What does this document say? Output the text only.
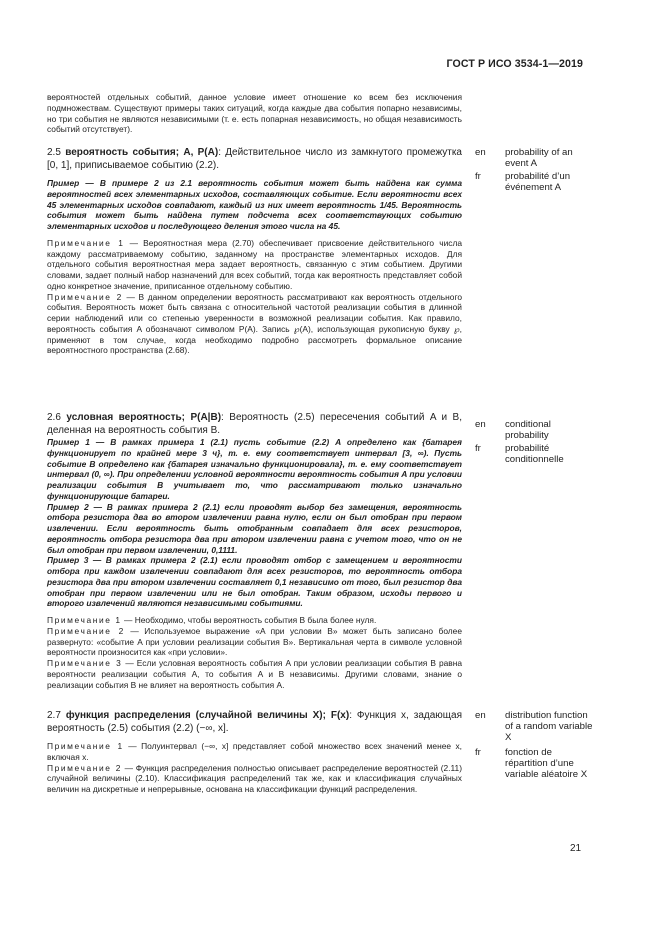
ГОСТ Р ИСО 3534-1—2019

вероятностей отдельных событий, данное условие имеет отношение ко всем без исключения подмножествам. Существуют примеры таких ситуаций, когда каждые два события попарно независимы, но три события не являются независимыми (т. е. есть попарная независимость, но общая независимость событий отсутствует).

2.5 вероятность события; A, P(A): Действительное число из замкнутого промежутка [0, 1], приписываемое событию (2.2).

Пример — В примере 2 из 2.1 вероятность события может быть найдена как сумма вероятностей всех элементарных исходов, составляющих событие. Если вероятности всех 45 элементарных исходов совпадают, каждый из них имеет вероятность 1/45. Вероятность события может быть найдена путем подсчета всех соответствующих событию элементарных исходов и последующего деления этого числа на 45.

Примечание 1 — Вероятностная мера (2.70) обеспечивает присвоение действительного числа каждому рассматриваемому событию, заданному на пространстве элементарных исходов. Для отдельного события вероятностная мера задает вероятность, связанную с этим событием. Другими словами, задает полный набор назначений для всех событий, тогда как вероятность представляет собой одно конкретное значение, приписанное отдельному событию.

Примечание 2 — В данном определении вероятность рассматривают как вероятность отдельного события. Вероятность может быть связана с относительной частотой реализации события в длинной серии наблюдений или со степенью уверенности в возможной реализации события. Как правило, вероятность события A обозначают символом P(A). Запись ℘(A), использующая рукописную букву ℘, применяют в том случае, когда необходимо подробно рассмотреть формальное описание вероятностного пространства (2.68).

en	probability of an event A
fr	probabilité d’un événement A

2.6 условная вероятность; P(A|B): Вероятность (2.5) пересечения событий A и B, деленная на вероятность события B.

Пример 1 — В рамках примера 1 (2.1) пусть событие (2.2) A определено как {батарея функционирует по крайней мере 3 ч}, т. е. ему соответствует интервал [3, ∞). Пусть событие B определено как {батарея изначально функционировала}, т. е. ему соответствует интервал (0, ∞). При определении условной вероятности вероятность события A при условии реализации события B учитывает то, что рассматривают только изначально функционирующие батареи.

Пример 2 — В рамках примера 2 (2.1) если проводят выбор без замещения, вероятность отбора резистора два во втором извлечении равна нулю, если он был отобран при первом извлечении. Если вероятность быть отобранным совпадает для всех резисторов, вероятность отбора резистора два при втором извлечении равна с учетом того, что он не был отобран при первом извлечении, 0,1111.

Пример 3 — В рамках примера 2 (2.1) если проводят отбор с замещением и вероятности отбора при каждом извлечении совпадают для всех резисторов, то вероятность отбора резистора два при втором извлечении составляет 0,1 независимо от того, был резистор два отобран при первом извлечении или не был отобран. Таким образом, исходы первого и второго извлечений являются независимыми событиями.

Примечание 1 — Необходимо, чтобы вероятность события B была более нуля.

Примечание 2 — Используемое выражение «A при условии B» может быть записано более развернуто: «событие A при условии реализации события B». Вертикальная черта в символе условной вероятности произносится как «при условии».

Примечание 3 — Если условная вероятность события A при условии реализации события B равна вероятности реализации события A, то события A и B независимы. Другими словами, знание о реализации события B не влияет на вероятность события A.

en	conditional probability
fr	probabilité conditionnelle

2.7 функция распределения (случайной величины X); F(x): Функция x, задающая вероятность (2.5) события (2.2) (−∞, x].

Примечание 1 — Полуинтервал (−∞, x] представляет собой множество всех значений менее x, включая x.

Примечание 2 — Функция распределения полностью описывает распределение вероятностей (2.11) случайной величины (2.10). Классификация распределений так же, как и классификация случайных величин на дискретные и непрерывные, основана на классификации функций распределения.

en	distribution function of a random variable X
fr	fonction de répartition d’une variable aléatoire X
21
